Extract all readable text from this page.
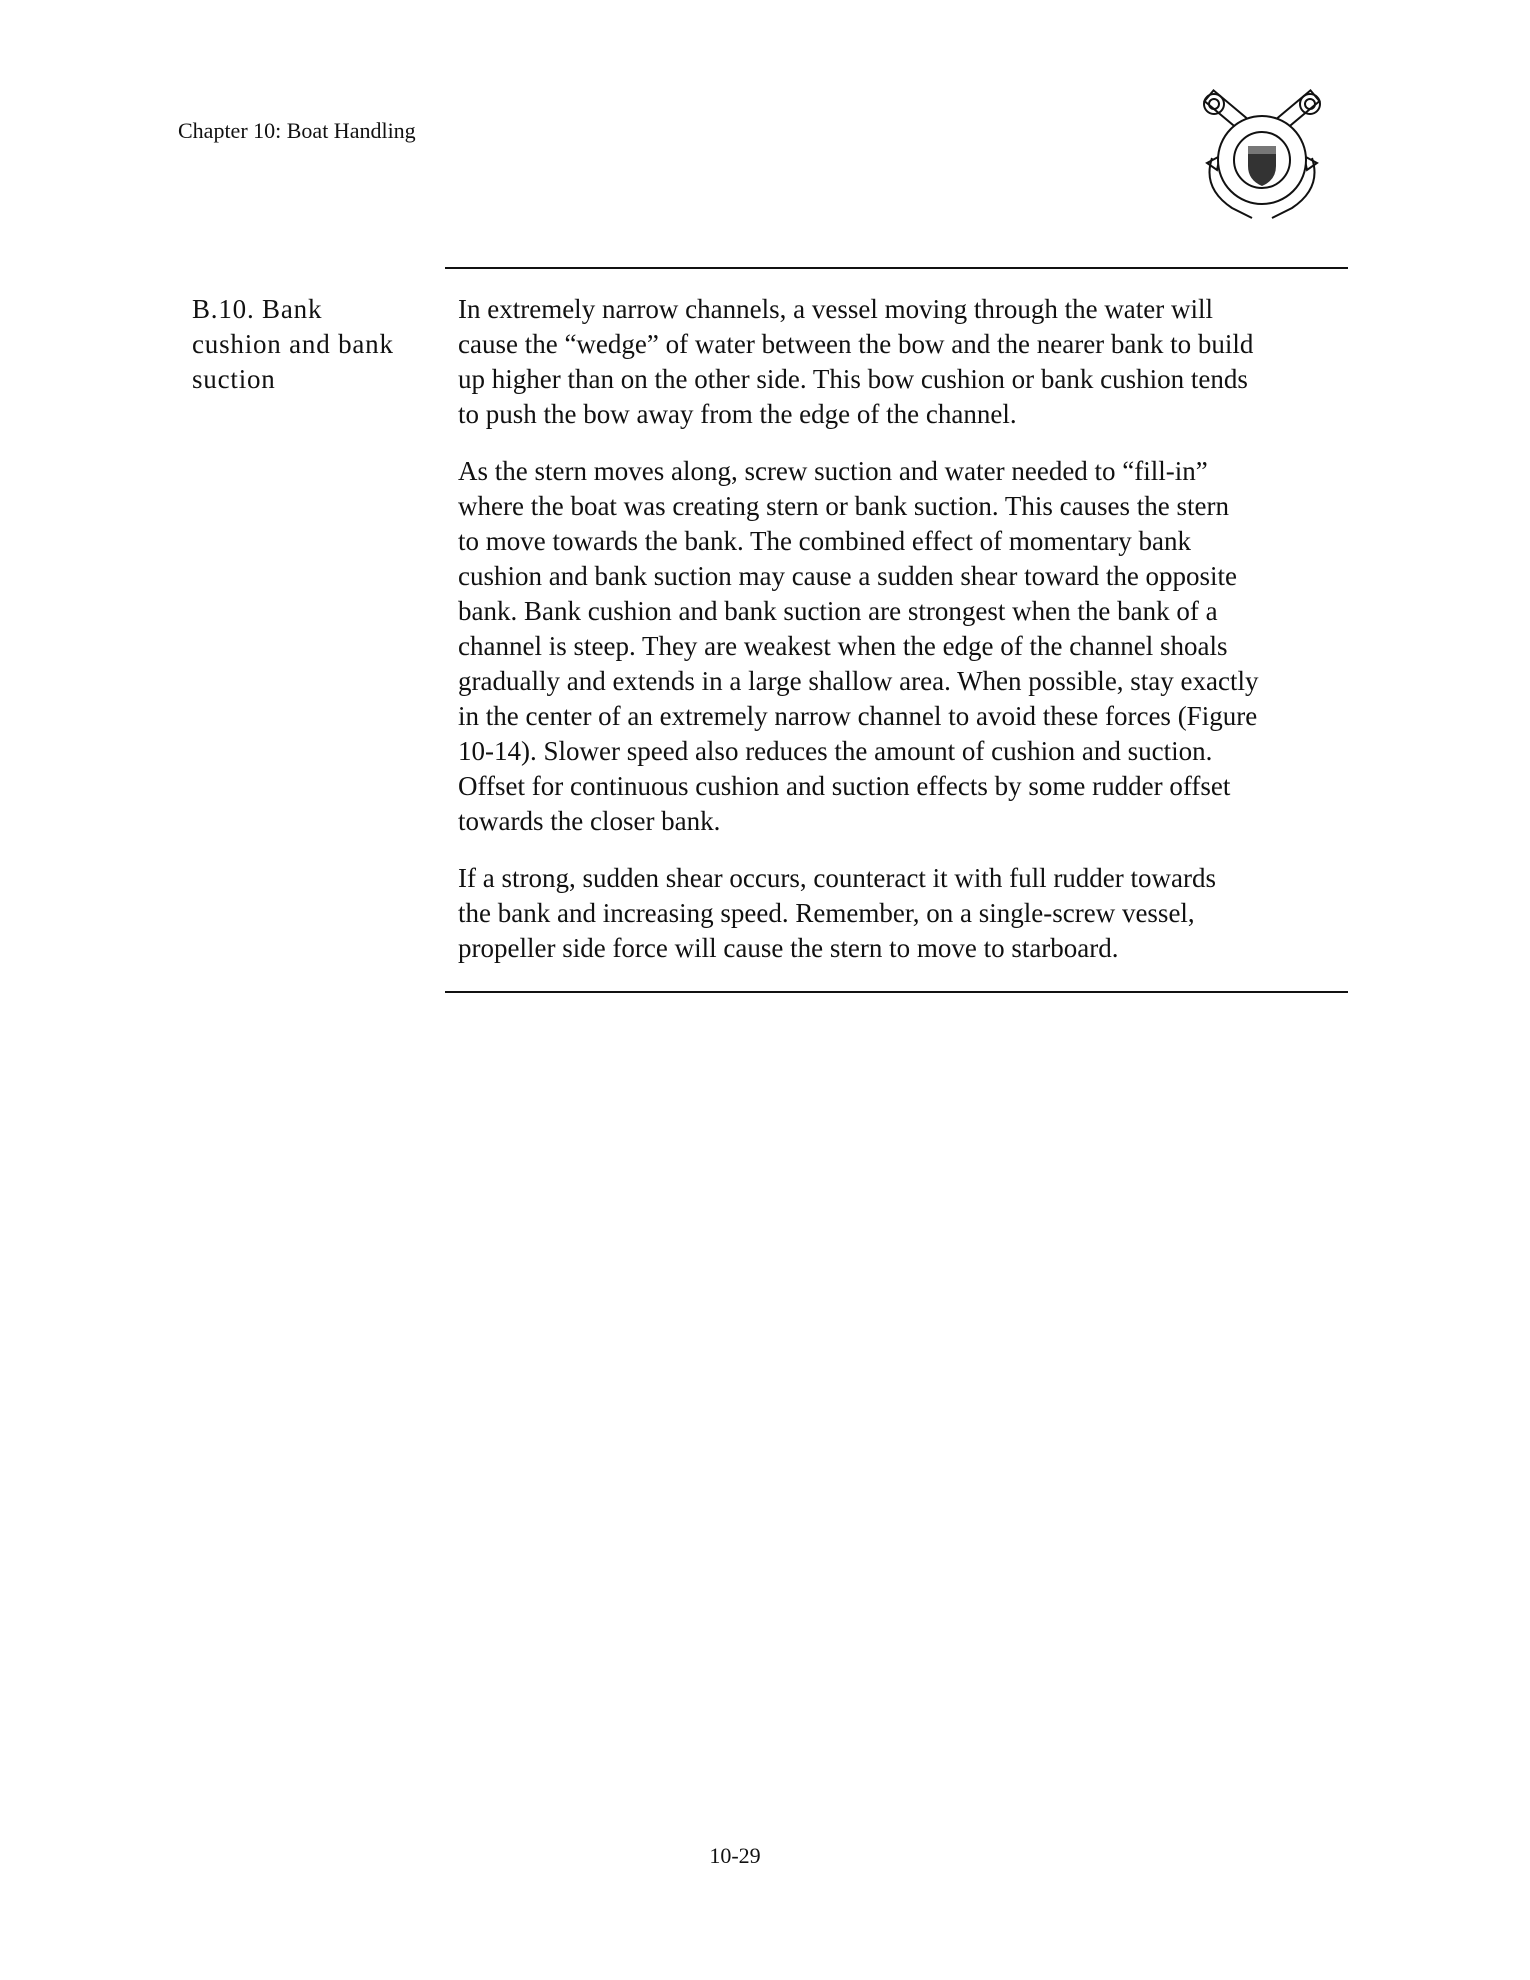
Chapter 10: Boat Handling
B.10. Bank
cushion and bank
suction

In extremely narrow channels, a vessel moving through the water will
cause the “wedge” of water between the bow and the nearer bank to build
up higher than on the other side. This bow cushion or bank cushion tends
to push the bow away from the edge of the channel.

As the stern moves along, screw suction and water needed to “fill-in”
where the boat was creating stern or bank suction. This causes the stern
to move towards the bank. The combined effect of momentary bank
cushion and bank suction may cause a sudden shear toward the opposite
bank. Bank cushion and bank suction are strongest when the bank of a
channel is steep. They are weakest when the edge of the channel shoals
gradually and extends in a large shallow area. When possible, stay exactly
in the center of an extremely narrow channel to avoid these forces (Figure
10-14). Slower speed also reduces the amount of cushion and suction.
Offset for continuous cushion and suction effects by some rudder offset
towards the closer bank.

If a strong, sudden shear occurs, counteract it with full rudder towards
the bank and increasing speed. Remember, on a single-screw vessel,
propeller side force will cause the stern to move to starboard.

10-29
